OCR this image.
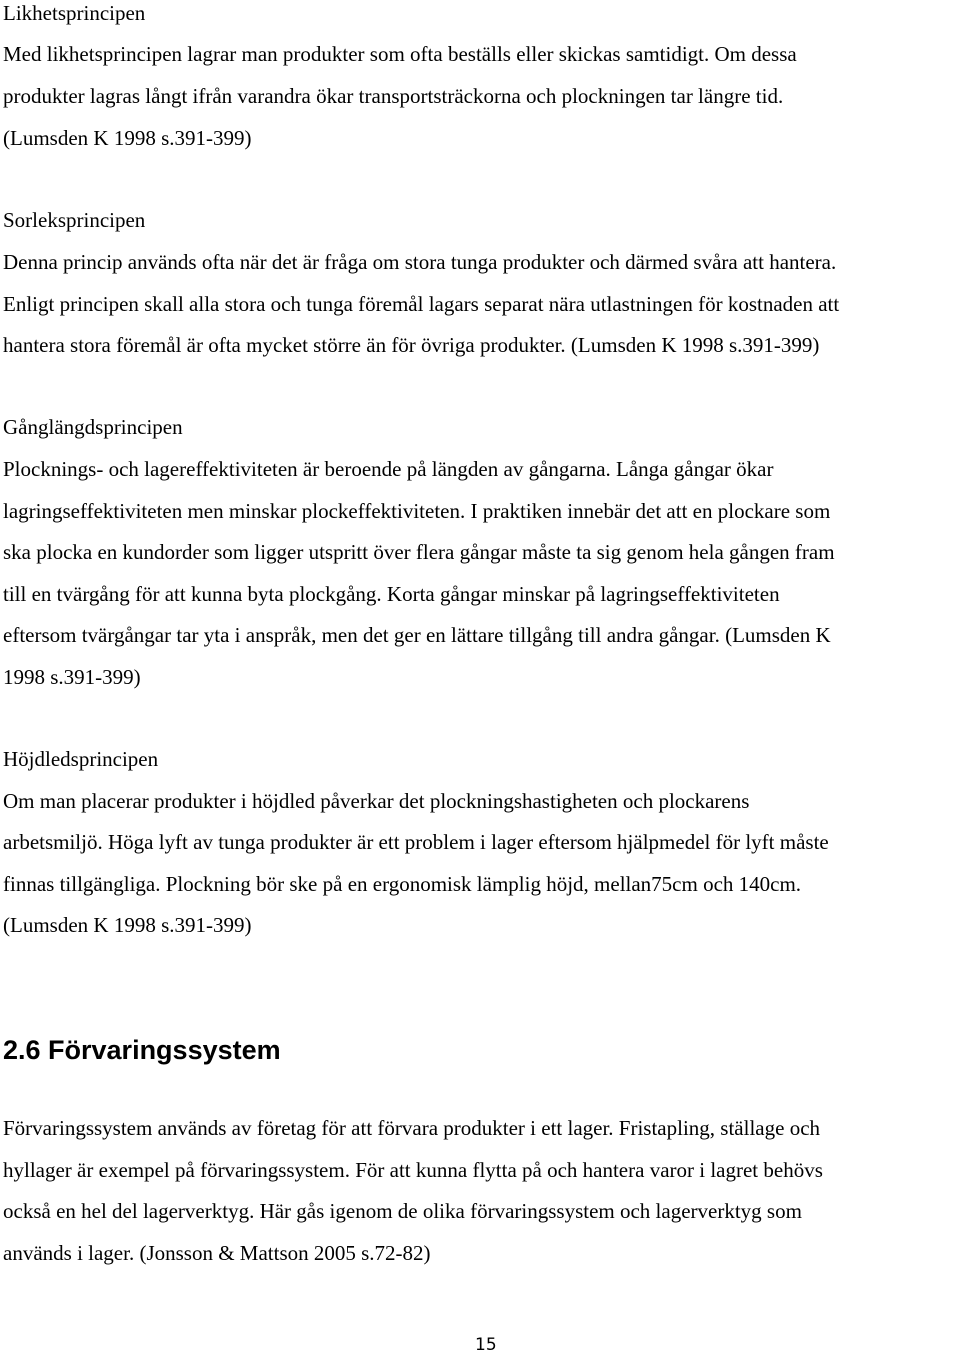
Likhetsprincipen
Med likhetsprincipen lagrar man produkter som ofta beställs eller skickas samtidigt. Om dessa
produkter lagras långt ifrån varandra ökar transportsträckorna och plockningen tar längre tid.
(Lumsden K 1998 s.391-399)
Sorleksprincipen
Denna princip används ofta när det är fråga om stora tunga produkter och därmed svåra att hantera.
Enligt principen skall alla stora och tunga föremål lagars separat nära utlastningen för kostnaden att
hantera stora föremål är ofta mycket större än för övriga produkter. (Lumsden K 1998 s.391-399)
Gånglängdsprincipen
Plocknings- och lagereffektiviteten är beroende på längden av gångarna. Långa gångar ökar
lagringseffektiviteten men minskar plockeffektiviteten. I praktiken innebär det att en plockare som
ska plocka en kundorder som ligger utspritt över flera gångar måste ta sig genom hela gången fram
till en tvärgång för att kunna byta plockgång. Korta gångar minskar på lagringseffektiviteten
eftersom tvärgångar tar yta i anspråk, men det ger en lättare tillgång till andra gångar. (Lumsden K
1998 s.391-399)
Höjdledsprincipen
Om man placerar produkter i höjdled påverkar det plockningshastigheten och plockarens
arbetsmiljö. Höga lyft av tunga produkter är ett problem i lager eftersom hjälpmedel för lyft måste
finnas tillgängliga. Plockning bör ske på en ergonomisk lämplig höjd, mellan75cm och 140cm.
(Lumsden K 1998 s.391-399)
2.6 Förvaringssystem
Förvaringssystem används av företag för att förvara produkter i ett lager. Fristapling, ställage och
hyllager är exempel på förvaringssystem. För att kunna flytta på och hantera varor i lagret behövs
också en hel del lagerverktyg. Här gås igenom de olika förvaringssystem och lagerverktyg som
används i lager. (Jonsson & Mattson 2005 s.72-82)
15
